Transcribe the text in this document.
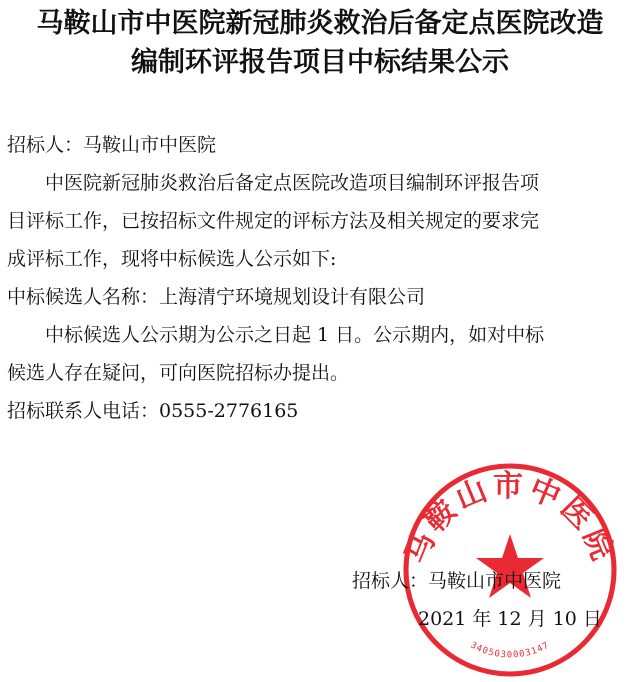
马鞍山市中医院新冠肺炎救治后备定点医院改造
编制环评报告项目中标结果公示

招标人：马鞍山市中医院

中医院新冠肺炎救治后备定点医院改造项目编制环评报告项

目评标工作，已按招标文件规定的评标方法及相关规定的要求完

成评标工作，现将中标候选人公示如下:

中标候选人名称：上海清宁环境规划设计有限公司

中标候选人公示期为公示之日起 1 日。公示期内，如对中标

候选人存在疑问，可向医院招标办提出。

招标联系人电话：0555-2776165

马鞍山市中医院
3405030003147

招标人：马鞍山市中医院

2021 年 12 月 10 日
